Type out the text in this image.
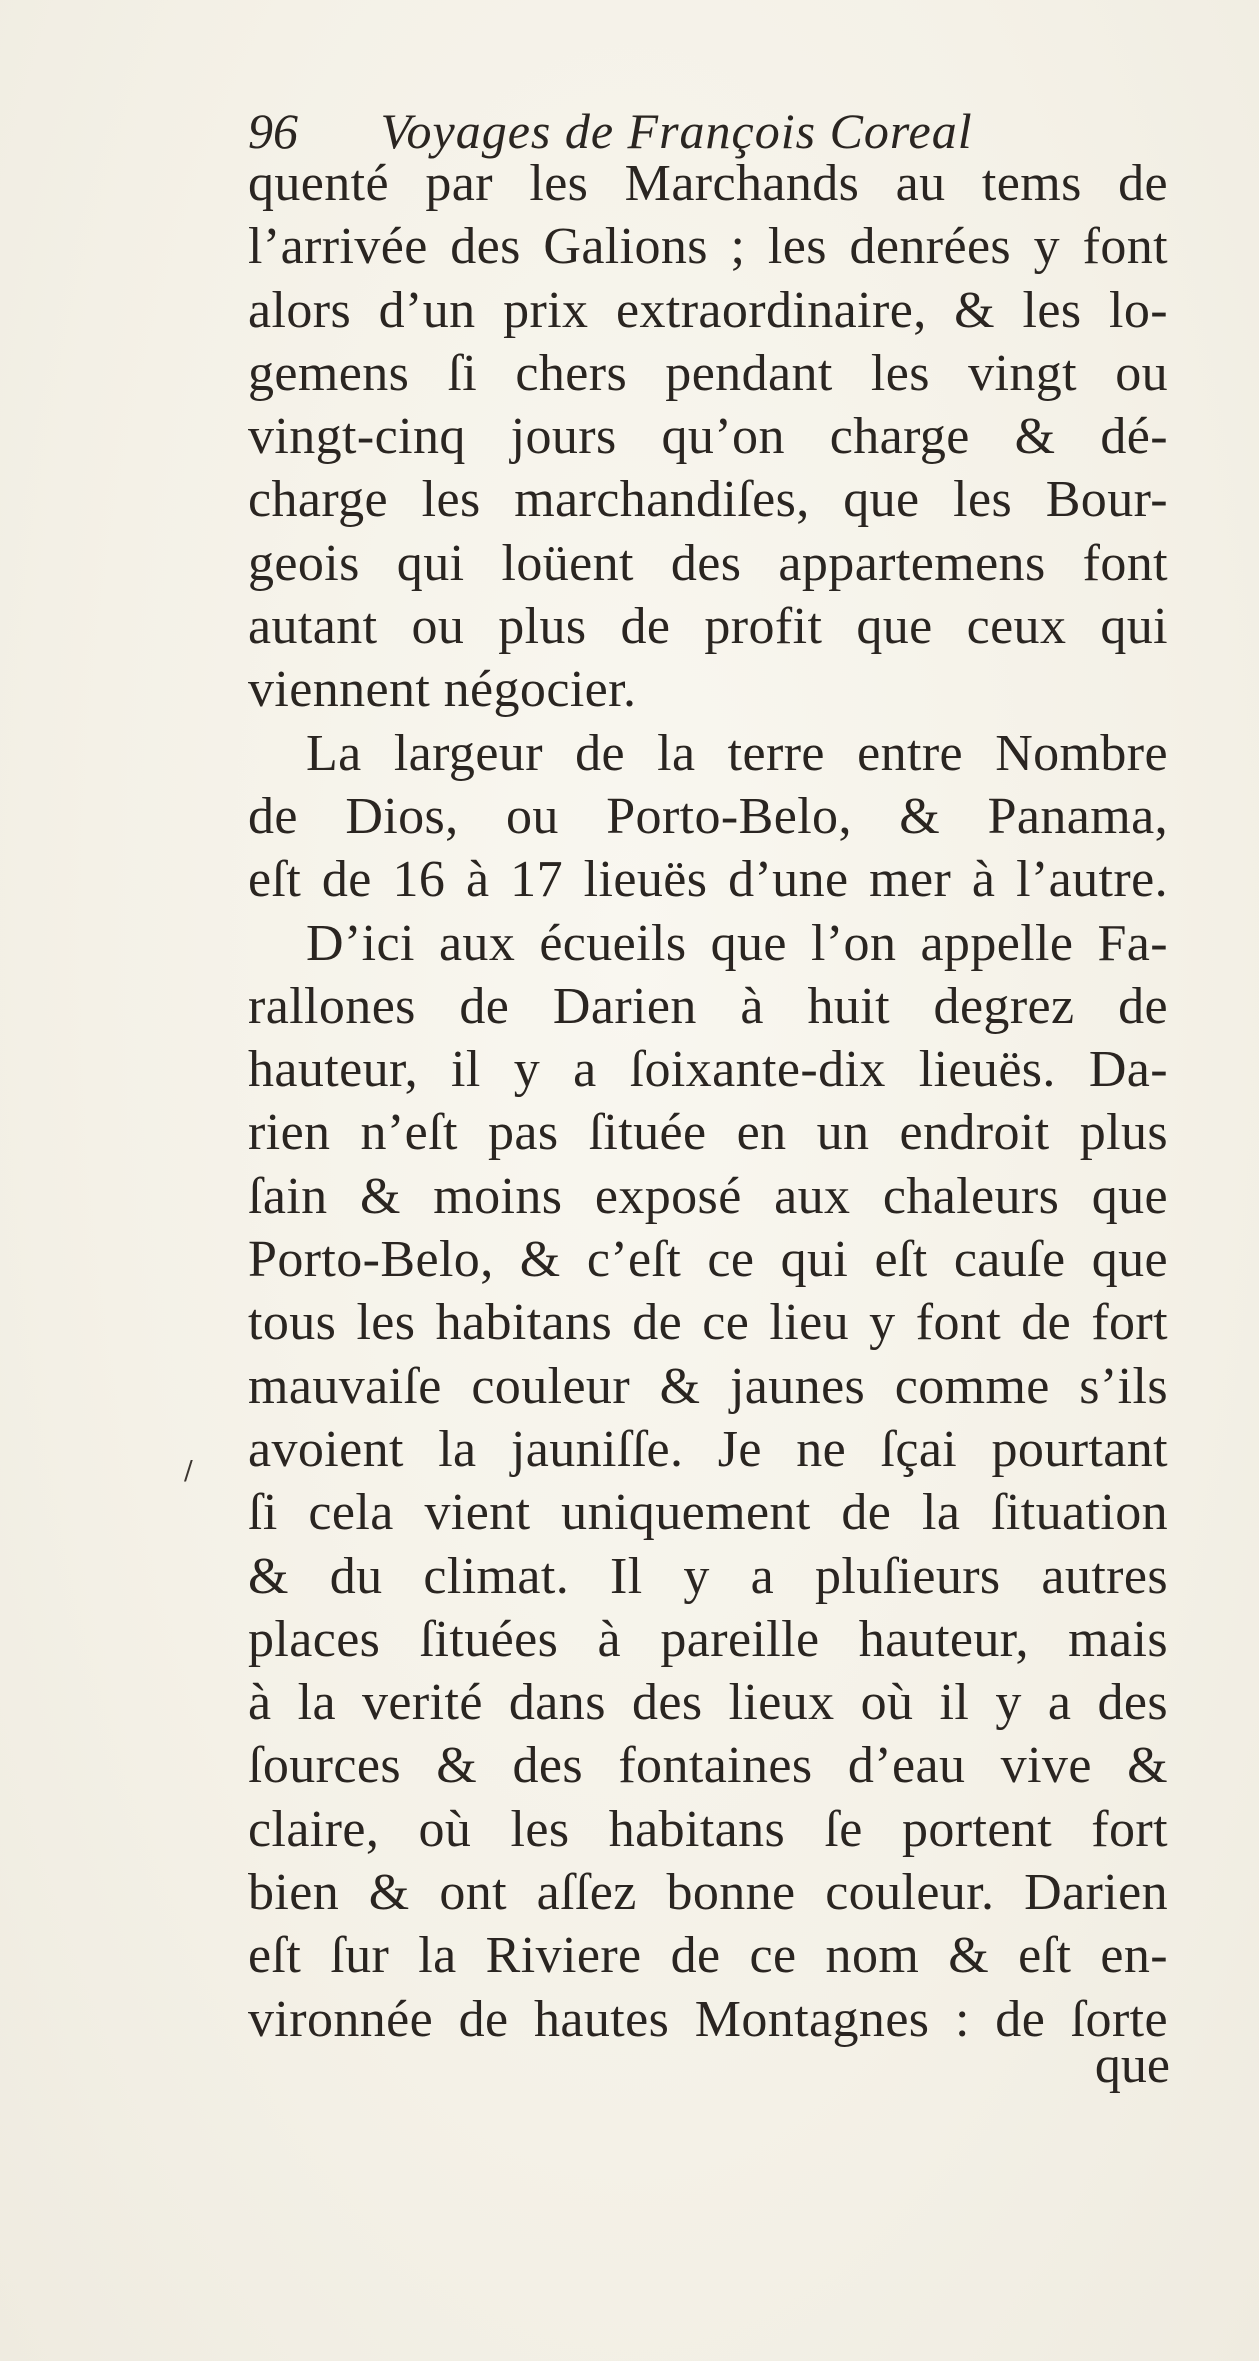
96 Voyages de François Coreal
quenté par les Marchands au tems de
l’arrivée des Galions ; les denrées y font
alors d’un prix extraordinaire, & les lo-
gemens ſi chers pendant les vingt ou
vingt-cinq jours qu’on charge & dé-
charge les marchandiſes, que les Bour-
geois qui loüent des appartemens font
autant ou plus de profit que ceux qui
viennent négocier.
La largeur de la terre entre Nombre
de Dios, ou Porto-Belo, & Panama,
eſt de 16 à 17 lieuës d’une mer à l’autre.
D’ici aux écueils que l’on appelle Fa-
rallones de Darien à huit degrez de
hauteur, il y a ſoixante-dix lieuës. Da-
rien n’eſt pas ſituée en un endroit plus
ſain & moins exposé aux chaleurs que
Porto-Belo, & c’eſt ce qui eſt cauſe que
tous les habitans de ce lieu y font de fort
mauvaiſe couleur & jaunes comme s’ils
avoient la jauniſſe. Je ne ſçai pourtant
ſi cela vient uniquement de la ſituation
& du climat. Il y a pluſieurs autres
places ſituées à pareille hauteur, mais
à la verité dans des lieux où il y a des
ſources & des fontaines d’eau vive &
claire, où les habitans ſe portent fort
bien & ont aſſez bonne couleur. Darien
eſt ſur la Riviere de ce nom & eſt en-
vironnée de hautes Montagnes : de ſorte
que
/
